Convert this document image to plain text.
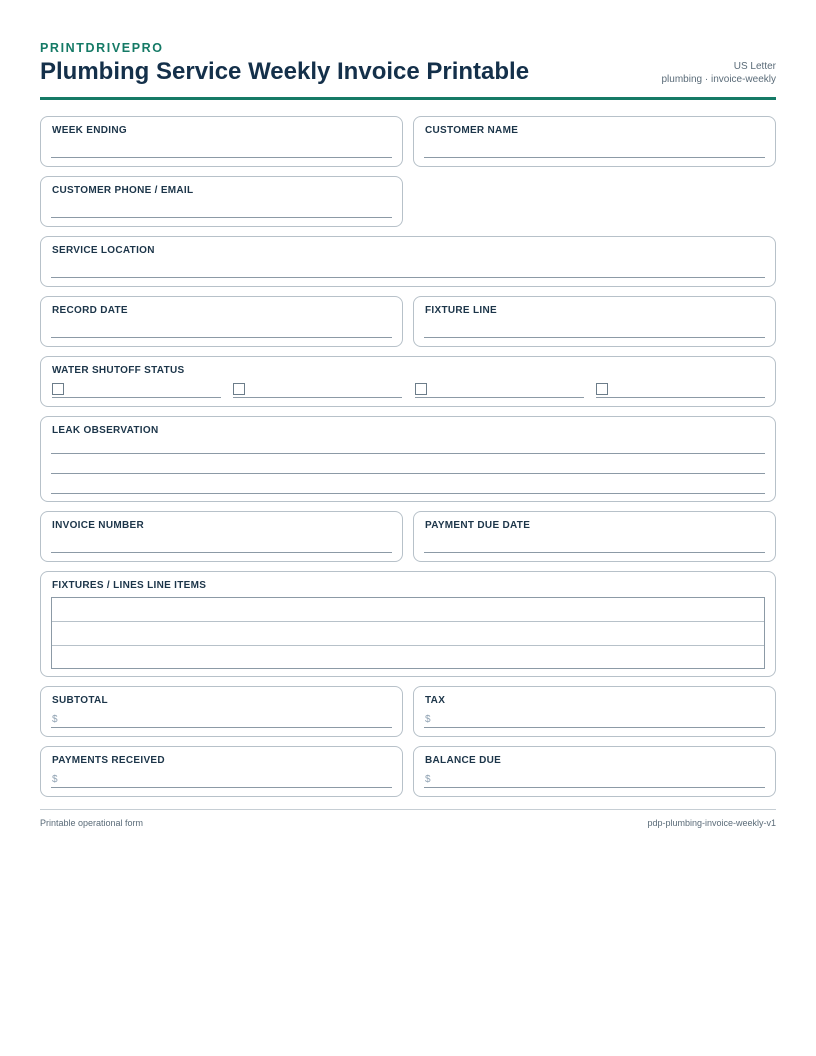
PRINTDRIVEPRO
Plumbing Service Weekly Invoice Printable	US Letter
plumbing · invoice-weekly
WEEK ENDING	CUSTOMER NAME
CUSTOMER PHONE / EMAIL
SERVICE LOCATION
RECORD DATE	FIXTURE LINE
WATER SHUTOFF STATUS
LEAK OBSERVATION
INVOICE NUMBER	PAYMENT DUE DATE
FIXTURES / LINES LINE ITEMS
SUBTOTAL
$
TAX
$
PAYMENTS RECEIVED
$
BALANCE DUE
$
Printable operational form	pdp-plumbing-invoice-weekly-v1
